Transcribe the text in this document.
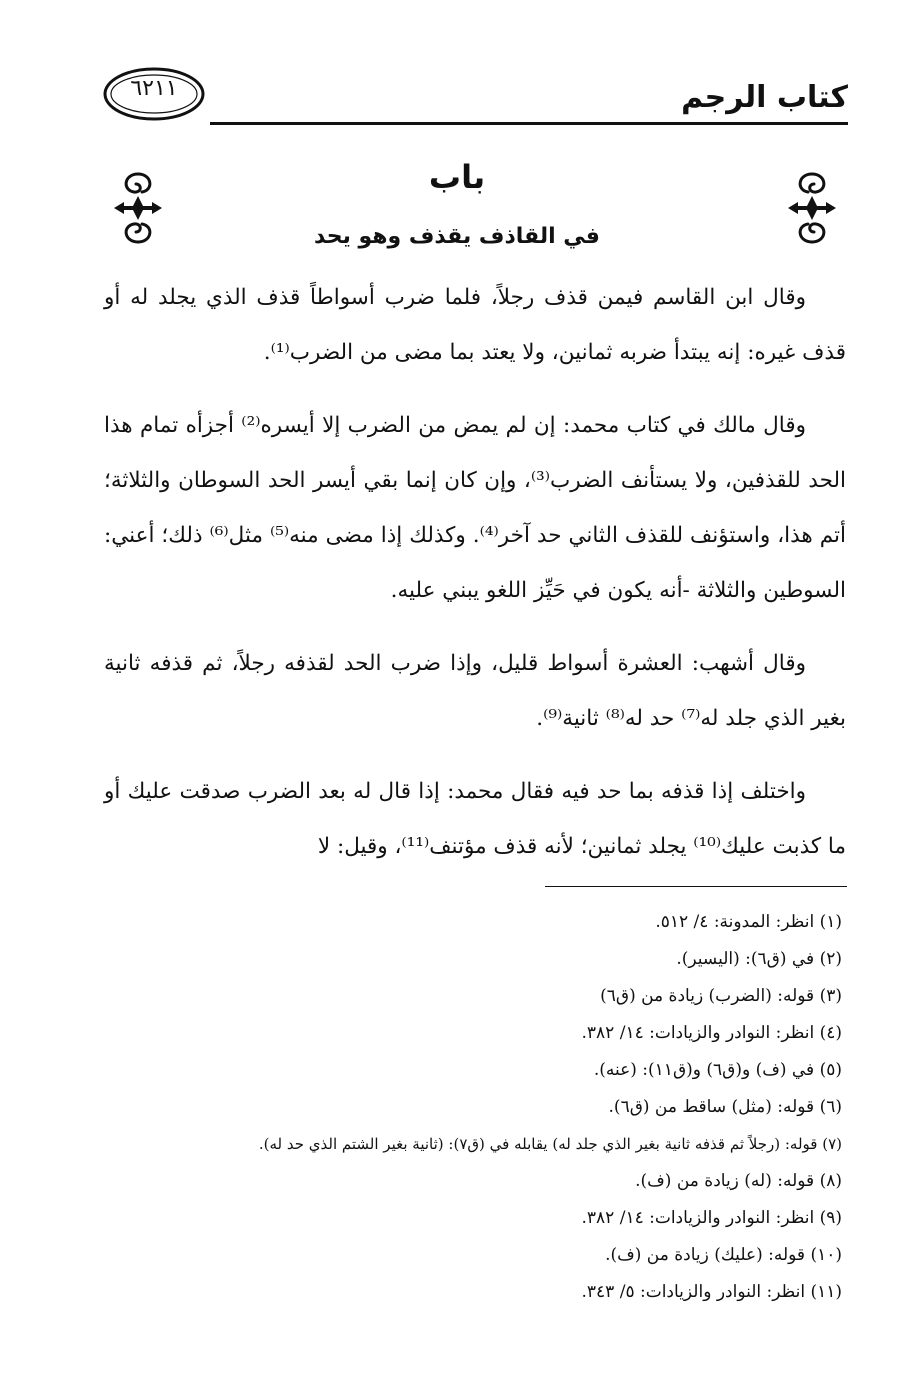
كتاب الرجم
٦٢١١
باب
في القاذف يقذف وهو يحد

وقال ابن القاسم فيمن قذف رجلاً، فلما ضرب أسواطاً قذف الذي يجلد له أو قذف غيره: إنه يبتدأ ضربه ثمانين، ولا يعتد بما مضى من الضرب⁽¹⁾.

وقال مالك في كتاب محمد: إن لم يمض من الضرب إلا أيسره⁽²⁾ أجزأه تمام هذا الحد للقذفين، ولا يستأنف الضرب⁽³⁾، وإن كان إنما بقي أيسر الحد السوطان والثلاثة؛ أتم هذا، واستؤنف للقذف الثاني حد آخر⁽⁴⁾. وكذلك إذا مضى منه⁽⁵⁾ مثل⁽⁶⁾ ذلك؛ أعني: السوطين والثلاثة -أنه يكون في حَيِّز اللغو يبني عليه.

وقال أشهب: العشرة أسواط قليل، وإذا ضرب الحد لقذفه رجلاً، ثم قذفه ثانية بغير الذي جلد له⁽⁷⁾ حد له⁽⁸⁾ ثانية⁽⁹⁾.

واختلف إذا قذفه بما حد فيه فقال محمد: إذا قال له بعد الضرب صدقت عليك أو ما كذبت عليك⁽¹⁰⁾ يجلد ثمانين؛ لأنه قذف مؤتنف⁽¹¹⁾، وقيل: لا

(١) انظر: المدونة: ٤/ ٥١٢.
(٢) في (ق٦): (اليسير).
(٣) قوله: (الضرب) زيادة من (ق٦)
(٤) انظر: النوادر والزيادات: ١٤/ ٣٨٢.
(٥) في (ف) و(ق٦) و(ق١١): (عنه).
(٦) قوله: (مثل) ساقط من (ق٦).
(٧) قوله: (رجلاً ثم قذفه ثانية بغير الذي جلد له) يقابله في (ق٧): (ثانية بغير الشتم الذي حد له).
(٨) قوله: (له) زيادة من (ف).
(٩) انظر: النوادر والزيادات: ١٤/ ٣٨٢.
(١٠) قوله: (عليك) زيادة من (ف).
(١١) انظر: النوادر والزيادات: ٥/ ٣٤٣.
